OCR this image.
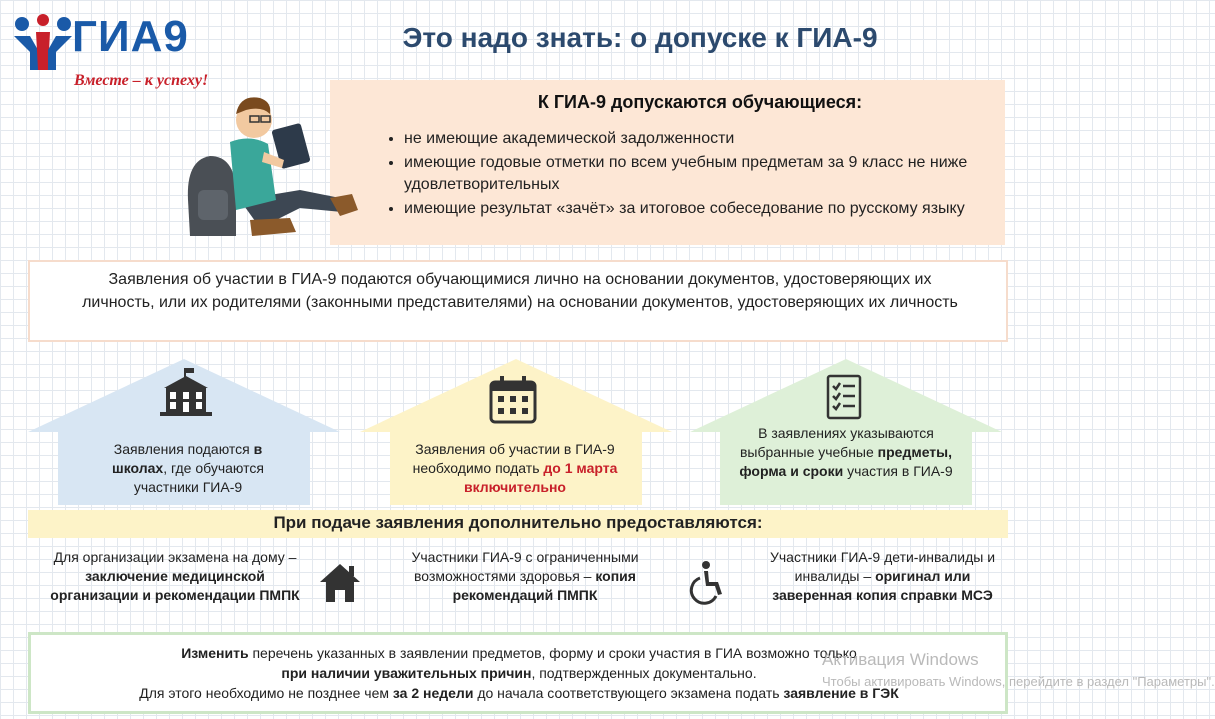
ГИА9
Вместе – к успеху!
Это надо знать: о допуске к ГИА-9
К ГИА-9 допускаются обучающиеся:
• не имеющие академической задолженности
• имеющие годовые отметки по всем учебным предметам за 9 класс не ниже удовлетворительных
• имеющие результат «зачёт» за итоговое собеседование по русскому языку
Заявления об участии в ГИА-9 подаются обучающимися лично на основании документов, удостоверяющих их личность, или их родителями (законными представителями) на основании документов, удостоверяющих их личность
Заявления подаются в школах, где обучаются участники ГИА-9
Заявления об участии в ГИА-9 необходимо подать до 1 марта включительно
В заявлениях указываются выбранные учебные предметы, форма и сроки участия в ГИА-9
При подаче заявления дополнительно предоставляются:
Для организации экзамена на дому – заключение медицинской организации и рекомендации ПМПК
Участники ГИА-9 с ограниченными возможностями здоровья – копия рекомендаций ПМПК
Участники ГИА-9 дети-инвалиды и инвалиды – оригинал или заверенная копия справки МСЭ
Изменить перечень указанных в заявлении предметов, форму и сроки участия в ГИА возможно только
при наличии уважительных причин, подтвержденных документально.
Для этого необходимо не позднее чем за 2 недели до начала соответствующего экзамена подать заявление в ГЭК
Активация Windows
Чтобы активировать Windows, перейдите в раздел "Параметры".
